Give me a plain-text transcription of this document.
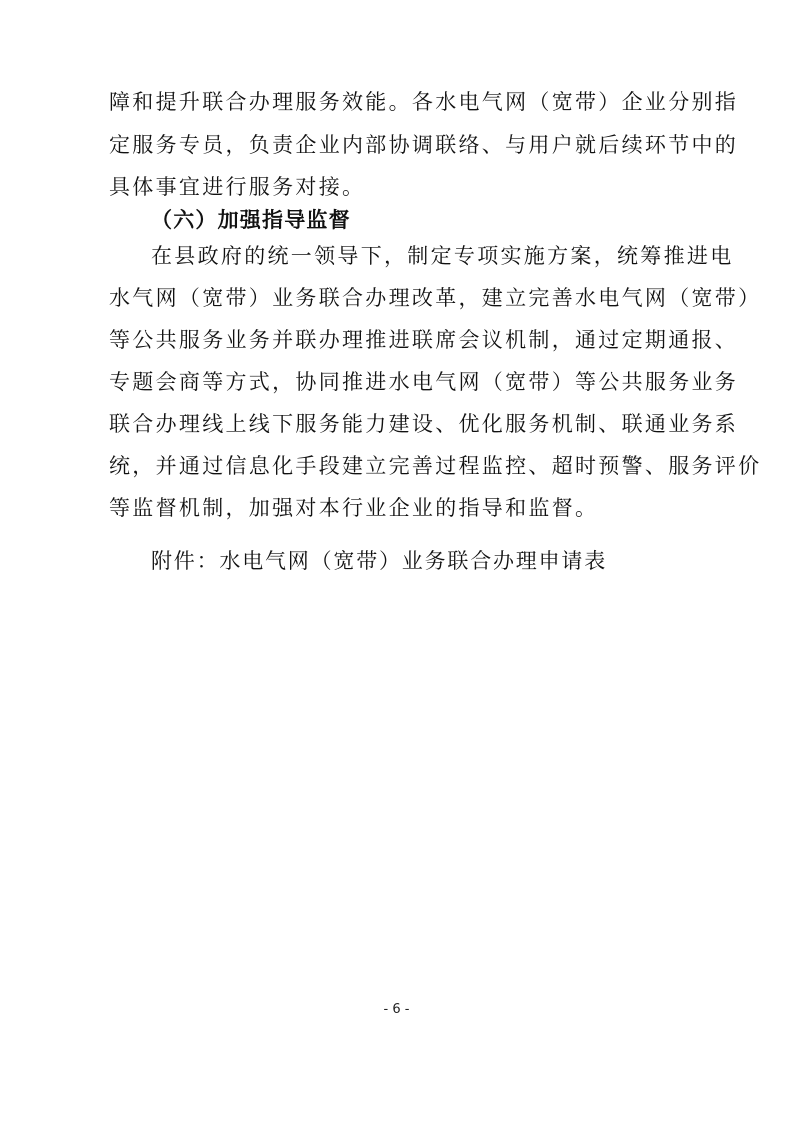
障和提升联合办理服务效能。各水电气网（宽带）企业分别指
定服务专员，负责企业内部协调联络、与用户就后续环节中的
具体事宜进行服务对接。
（六）加强指导监督
在县政府的统一领导下，制定专项实施方案，统筹推进电
水气网（宽带）业务联合办理改革，建立完善水电气网（宽带）
等公共服务业务并联办理推进联席会议机制，通过定期通报、
专题会商等方式，协同推进水电气网（宽带）等公共服务业务
联合办理线上线下服务能力建设、优化服务机制、联通业务系
统，并通过信息化手段建立完善过程监控、超时预警、服务评价
等监督机制，加强对本行业企业的指导和监督。
附件：水电气网（宽带）业务联合办理申请表
- 6 -
